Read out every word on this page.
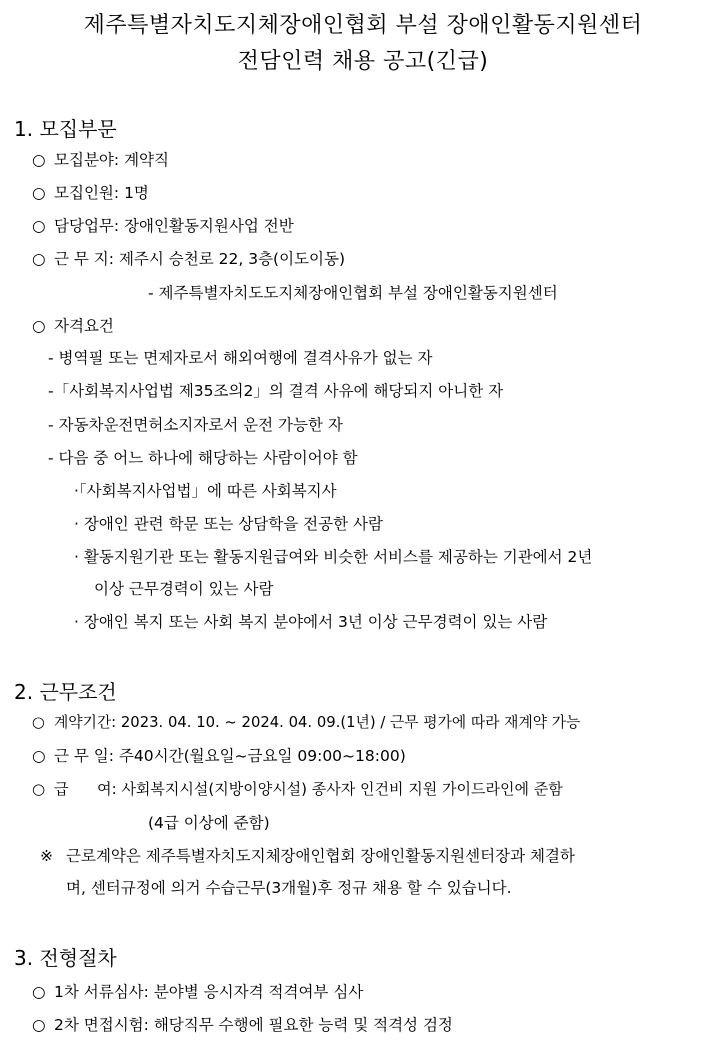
제주특별자치도지체장애인협회 부설 장애인활동지원센터
전담인력 채용 공고(긴급)
1. 모집부문
○ 모집분야: 계약직
○ 모집인원: 1명
○ 담당업무: 장애인활동지원사업 전반
○ 근 무 지: 제주시 승천로 22, 3층(이도이동)
- 제주특별자치도도지체장애인협회 부설 장애인활동지원센터
○ 자격요건
- 병역필 또는 면제자로서 해외여행에 결격사유가 없는 자
-「사회복지사업법 제35조의2」의 결격 사유에 해당되지 아니한 자
- 자동차운전면허소지자로서 운전 가능한 자
- 다음 중 어느 하나에 해당하는 사람이어야 함
·「사회복지사업법」에 따른 사회복지사
· 장애인 관련 학문 또는 상담학을 전공한 사람
· 활동지원기관 또는 활동지원급여와 비슷한 서비스를 제공하는 기관에서 2년
이상 근무경력이 있는 사람
· 장애인 복지 또는 사회 복지 분야에서 3년 이상 근무경력이 있는 사람
2. 근무조건
○ 계약기간: 2023. 04. 10. ~ 2024. 04. 09.(1년) / 근무 평가에 따라 재계약 가능
○ 근 무 일: 주40시간(월요일~금요일 09:00~18:00)
○ 급      여: 사회복지시설(지방이양시설) 종사자 인건비 지원 가이드라인에 준함
(4급 이상에 준함)
※ 근로계약은 제주특별자치도지체장애인협회 장애인활동지원센터장과 체결하
며, 센터규정에 의거 수습근무(3개월)후 정규 채용 할 수 있습니다.
3. 전형절차
○ 1차 서류심사: 분야별 응시자격 적격여부 심사
○ 2차 면접시험: 해당직무 수행에 필요한 능력 및 적격성 검정
